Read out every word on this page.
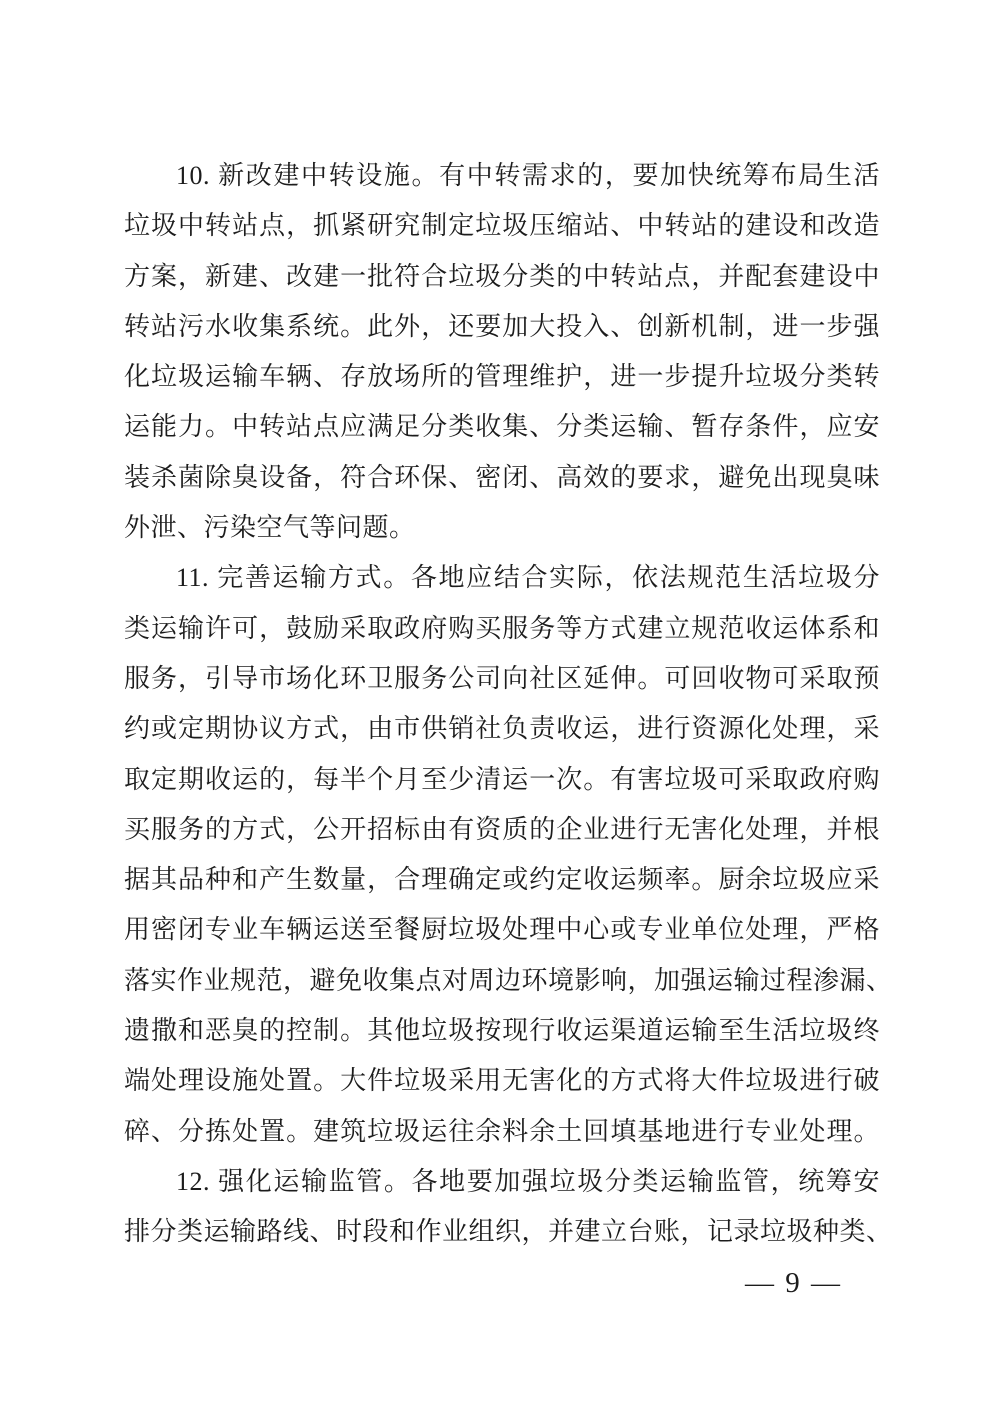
10. 新改建中转设施。有中转需求的，要加快统筹布局生活
垃圾中转站点，抓紧研究制定垃圾压缩站、中转站的建设和改造
方案，新建、改建一批符合垃圾分类的中转站点，并配套建设中
转站污水收集系统。此外，还要加大投入、创新机制，进一步强
化垃圾运输车辆、存放场所的管理维护，进一步提升垃圾分类转
运能力。中转站点应满足分类收集、分类运输、暂存条件，应安
装杀菌除臭设备，符合环保、密闭、高效的要求，避免出现臭味
外泄、污染空气等问题。
11. 完善运输方式。各地应结合实际，依法规范生活垃圾分
类运输许可，鼓励采取政府购买服务等方式建立规范收运体系和
服务，引导市场化环卫服务公司向社区延伸。可回收物可采取预
约或定期协议方式，由市供销社负责收运，进行资源化处理，采
取定期收运的，每半个月至少清运一次。有害垃圾可采取政府购
买服务的方式，公开招标由有资质的企业进行无害化处理，并根
据其品种和产生数量，合理确定或约定收运频率。厨余垃圾应采
用密闭专业车辆运送至餐厨垃圾处理中心或专业单位处理，严格
落实作业规范，避免收集点对周边环境影响，加强运输过程渗漏、
遗撒和恶臭的控制。其他垃圾按现行收运渠道运输至生活垃圾终
端处理设施处置。大件垃圾采用无害化的方式将大件垃圾进行破
碎、分拣处置。建筑垃圾运往余料余土回填基地进行专业处理。
12. 强化运输监管。各地要加强垃圾分类运输监管，统筹安
排分类运输路线、时段和作业组织，并建立台账，记录垃圾种类、
— 9 —
